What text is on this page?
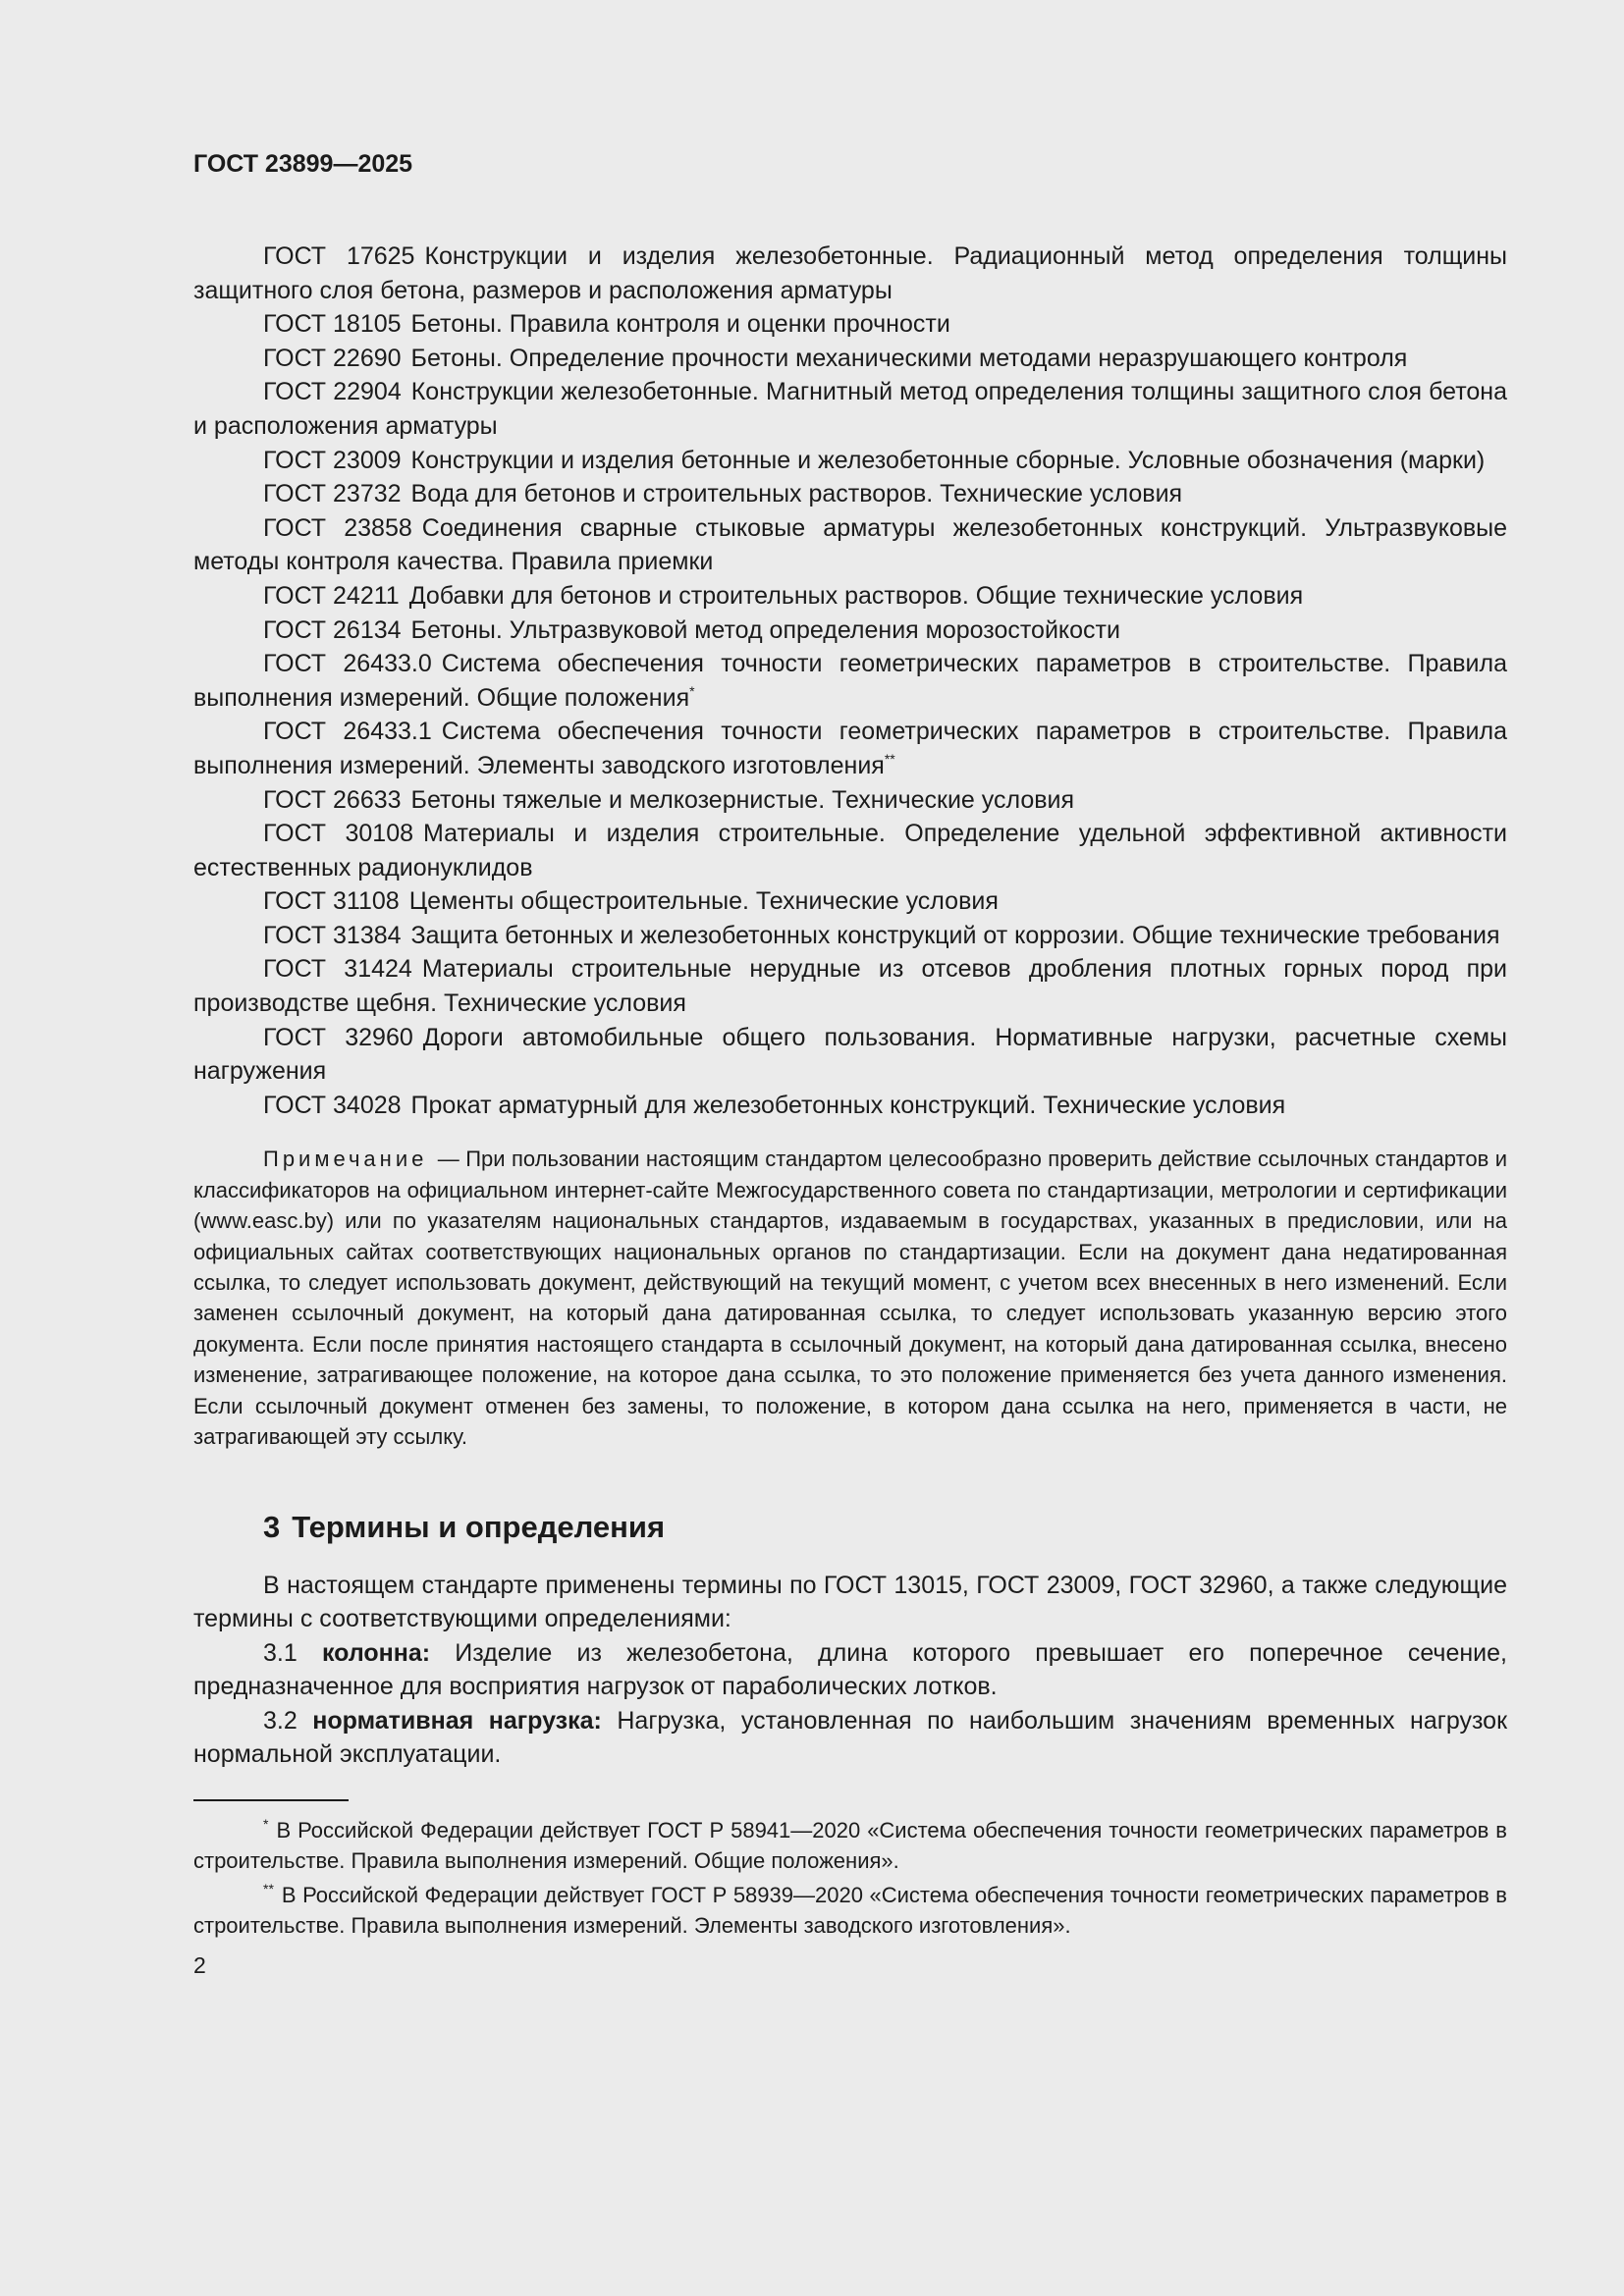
ГОСТ 23899—2025

ГОСТ 17625 Конструкции и изделия железобетонные. Радиационный метод определения толщины защитного слоя бетона, размеров и расположения арматуры

ГОСТ 18105 Бетоны. Правила контроля и оценки прочности

ГОСТ 22690 Бетоны. Определение прочности механическими методами неразрушающего контроля

ГОСТ 22904 Конструкции железобетонные. Магнитный метод определения толщины защитного слоя бетона и расположения арматуры

ГОСТ 23009 Конструкции и изделия бетонные и железобетонные сборные. Условные обозначения (марки)

ГОСТ 23732 Вода для бетонов и строительных растворов. Технические условия

ГОСТ 23858 Соединения сварные стыковые арматуры железобетонных конструкций. Ультразвуковые методы контроля качества. Правила приемки

ГОСТ 24211 Добавки для бетонов и строительных растворов. Общие технические условия

ГОСТ 26134 Бетоны. Ультразвуковой метод определения морозостойкости

ГОСТ 26433.0 Система обеспечения точности геометрических параметров в строительстве. Правила выполнения измерений. Общие положения*

ГОСТ 26433.1 Система обеспечения точности геометрических параметров в строительстве. Правила выполнения измерений. Элементы заводского изготовления**

ГОСТ 26633 Бетоны тяжелые и мелкозернистые. Технические условия

ГОСТ 30108 Материалы и изделия строительные. Определение удельной эффективной активности естественных радионуклидов

ГОСТ 31108 Цементы общестроительные. Технические условия

ГОСТ 31384 Защита бетонных и железобетонных конструкций от коррозии. Общие технические требования

ГОСТ 31424 Материалы строительные нерудные из отсевов дробления плотных горных пород при производстве щебня. Технические условия

ГОСТ 32960 Дороги автомобильные общего пользования. Нормативные нагрузки, расчетные схемы нагружения

ГОСТ 34028 Прокат арматурный для железобетонных конструкций. Технические условия

Примечание — При пользовании настоящим стандартом целесообразно проверить действие ссылочных стандартов и классификаторов на официальном интернет-сайте Межгосударственного совета по стандартизации, метрологии и сертификации (www.easc.by) или по указателям национальных стандартов, издаваемым в государствах, указанных в предисловии, или на официальных сайтах соответствующих национальных органов по стандартизации. Если на документ дана недатированная ссылка, то следует использовать документ, действующий на текущий момент, с учетом всех внесенных в него изменений. Если заменен ссылочный документ, на который дана датированная ссылка, то следует использовать указанную версию этого документа. Если после принятия настоящего стандарта в ссылочный документ, на который дана датированная ссылка, внесено изменение, затрагивающее положение, на которое дана ссылка, то это положение применяется без учета данного изменения. Если ссылочный документ отменен без замены, то положение, в котором дана ссылка на него, применяется в части, не затрагивающей эту ссылку.

3 Термины и определения

В настоящем стандарте применены термины по ГОСТ 13015, ГОСТ 23009, ГОСТ 32960, а также следующие термины с соответствующими определениями:

3.1 колонна: Изделие из железобетона, длина которого превышает его поперечное сечение, предназначенное для восприятия нагрузок от параболических лотков.

3.2 нормативная нагрузка: Нагрузка, установленная по наибольшим значениям временных нагрузок нормальной эксплуатации.

* В Российской Федерации действует ГОСТ Р 58941—2020 «Система обеспечения точности геометрических параметров в строительстве. Правила выполнения измерений. Общие положения».

** В Российской Федерации действует ГОСТ Р 58939—2020 «Система обеспечения точности геометрических параметров в строительстве. Правила выполнения измерений. Элементы заводского изготовления».

2
